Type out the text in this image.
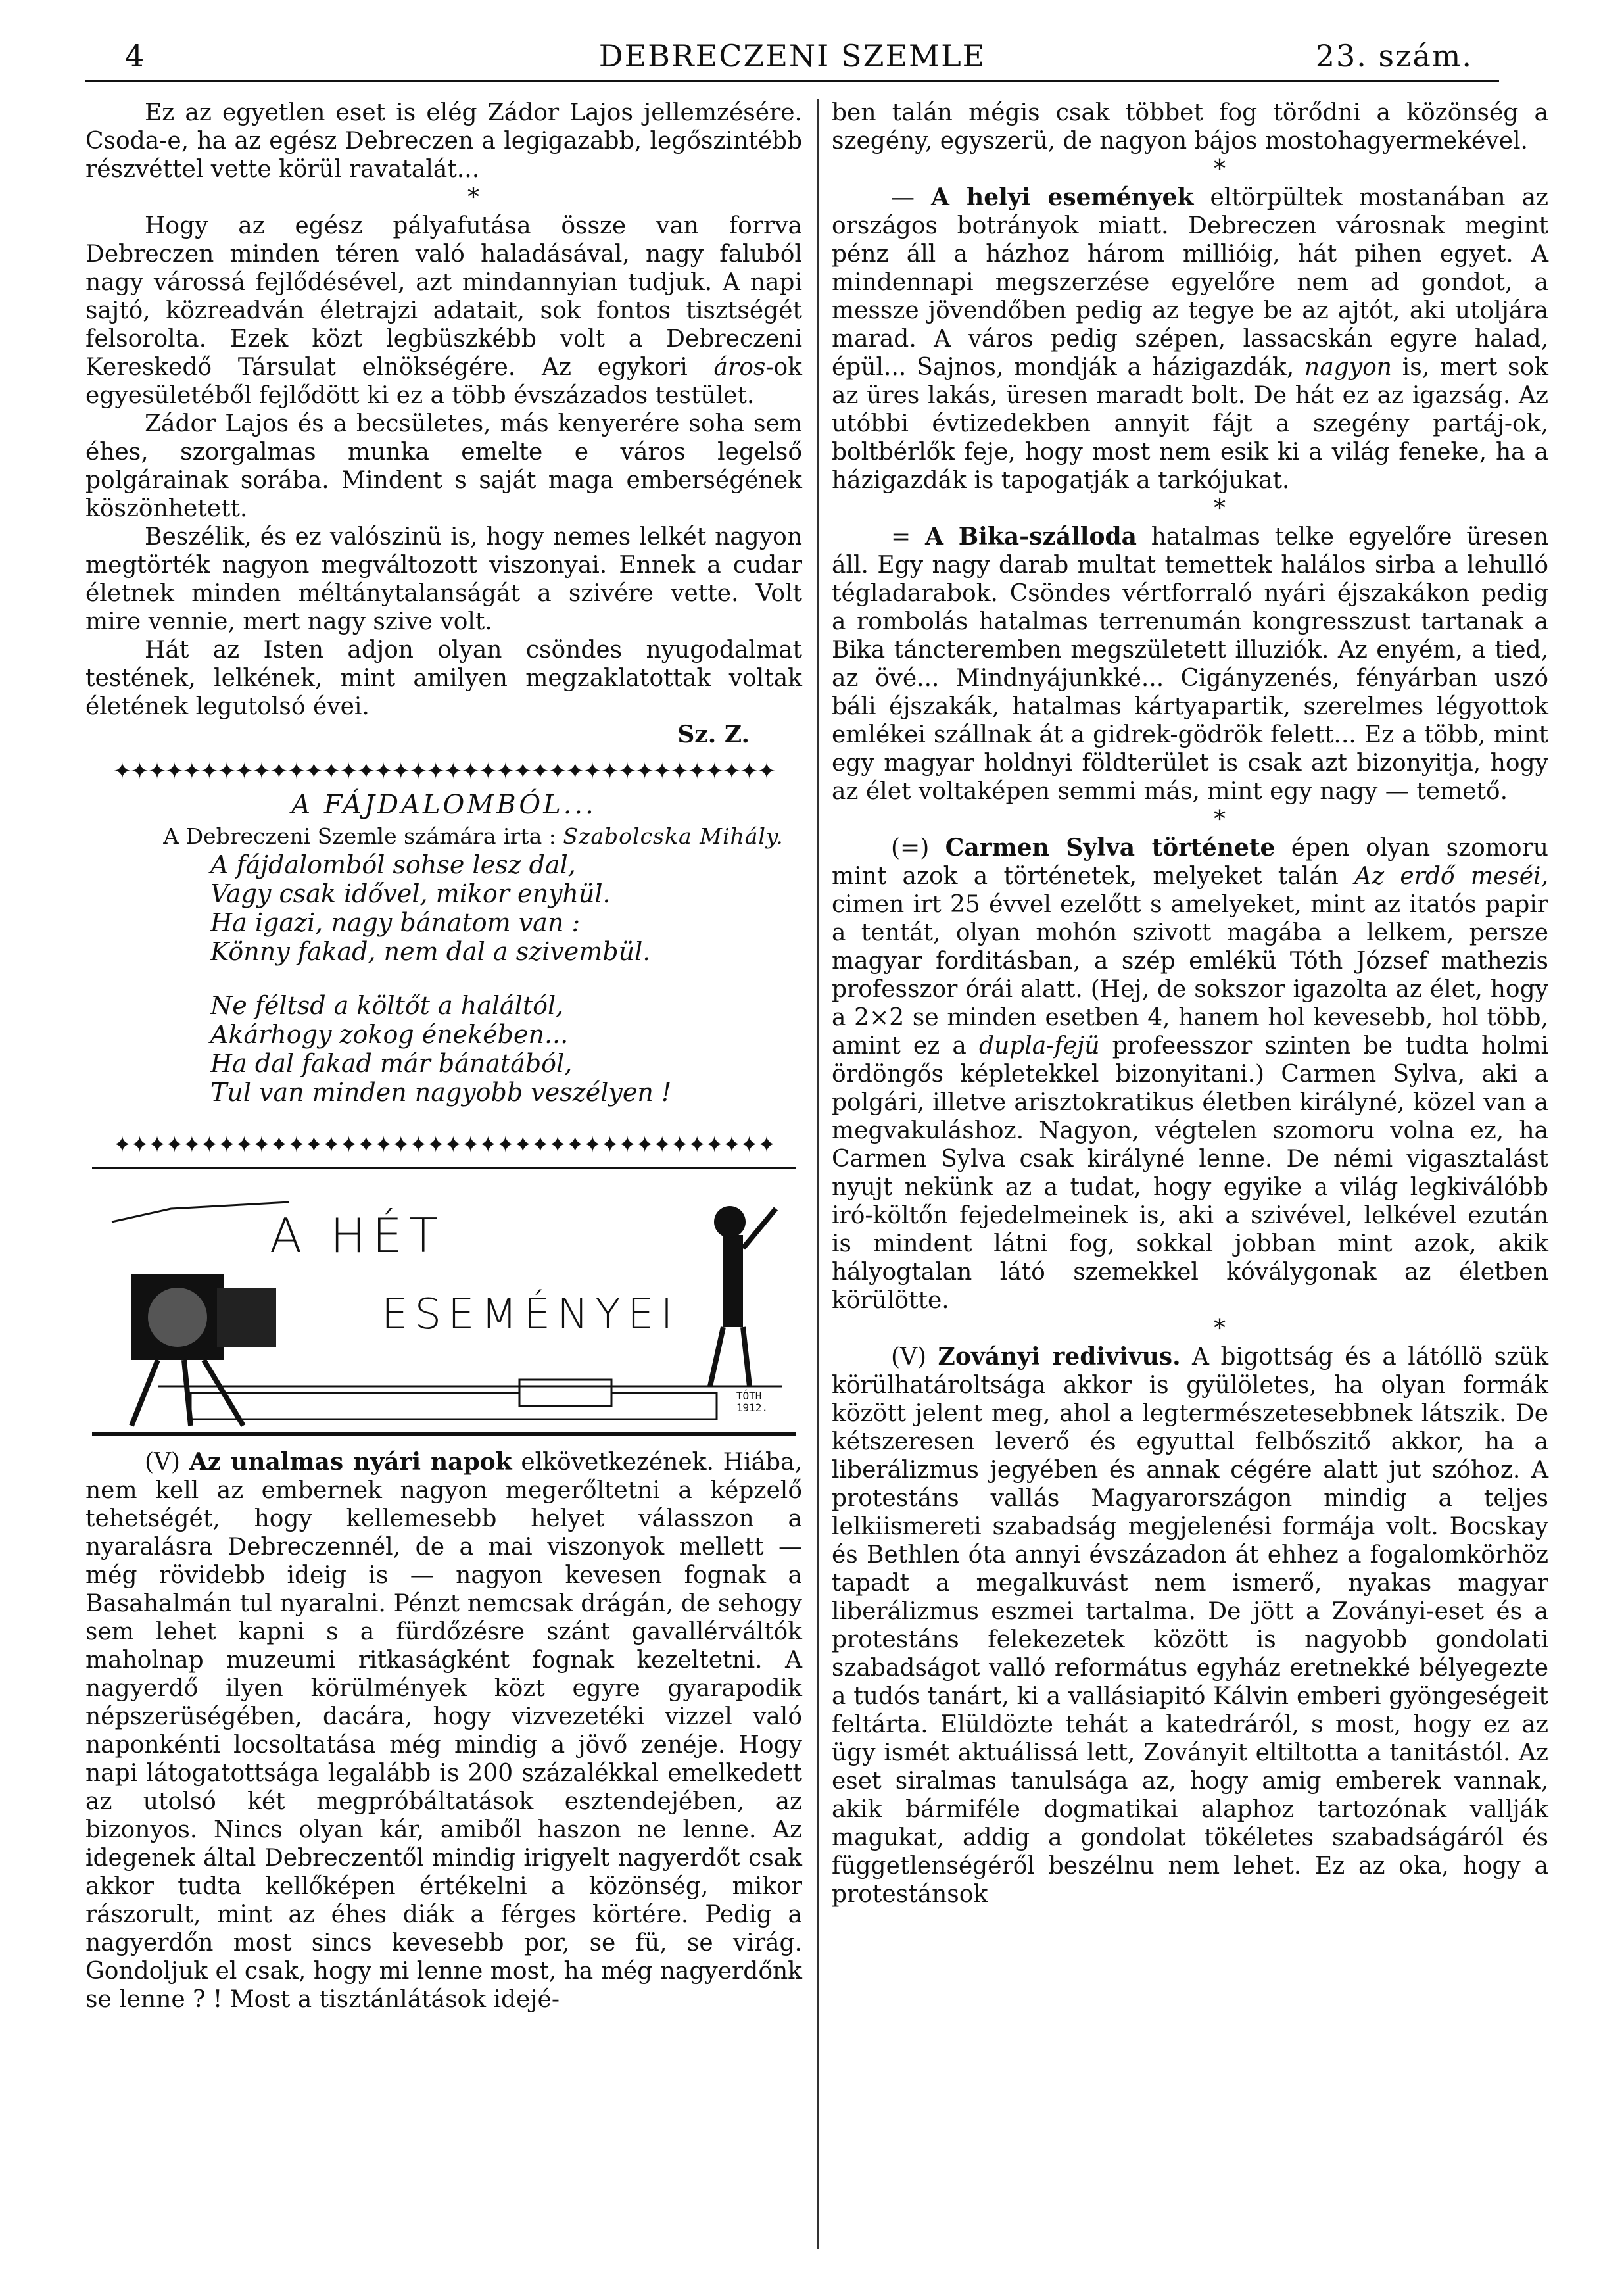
4	DEBRECZENI SZEMLE	23. szám.

Ez az egyetlen eset is elég Zádor Lajos jellemzésére. Csoda-e, ha az egész Debreczen a legigazabb, legőszintébb részvéttel vette körül ravatalát...

*

Hogy az egész pályafutása össze van forrva Debreczen minden téren való haladásával, nagy faluból nagy várossá fejlődésével, azt mindannyian tudjuk. A napi sajtó, közreadván életrajzi adatait, sok fontos tisztségét felsorolta. Ezek közt legbüszkébb volt a Debreczeni Kereskedő Társulat elnökségére. Az egykori áros-ok egyesületéből fejlődött ki ez a több évszázados testület.

Zádor Lajos és a becsületes, más kenyerére soha sem éhes, szorgalmas munka emelte e város legelső polgárainak sorába. Mindent s saját maga emberségének köszönhetett.

Beszélik, és ez valószinü is, hogy nemes lelkét nagyon megtörték nagyon megváltozott viszonyai. Ennek a cudar életnek minden méltánytalanságát a szivére vette. Volt mire vennie, mert nagy szive volt.

Hát az Isten adjon olyan csöndes nyugodalmat testének, lelkének, mint amilyen megzaklatottak voltak életének legutolsó évei.

Sz. Z.

✦✦✦✦✦✦✦✦✦✦✦✦✦✦✦✦✦✦✦✦✦✦✦✦✦✦✦✦✦✦✦✦✦✦✦✦✦✦
A FÁJDALOMBÓL...

A Debreczeni Szemle számára irta : Szabolcska Mihály.

A fájdalomból sohse lesz dal,
Vagy csak idővel, mikor enyhül.
Ha igazi, nagy bánatom van :
Könny fakad, nem dal a szivembül.
Ne féltsd a költőt a haláltól,
Akárhogy zokog énekében...
Ha dal fakad már bánatából,
Tul van minden nagyobb veszélyen !
✦✦✦✦✦✦✦✦✦✦✦✦✦✦✦✦✦✦✦✦✦✦✦✦✦✦✦✦✦✦✦✦✦✦✦✦✦✦
A HÉT
ESEMÉNYEI
TÓTH
1912.

(V) Az unalmas nyári napok elkövetkezének. Hiába, nem kell az embernek nagyon megerőltetni a képzelő tehetségét, hogy kellemesebb helyet válasszon a nyaralásra Debreczennél, de a mai viszonyok mellett — még rövidebb ideig is — nagyon kevesen fognak a Basahalmán tul nyaralni. Pénzt nemcsak drágán, de sehogy sem lehet kapni s a fürdőzésre szánt gavallérváltók maholnap muzeumi ritkaságként fognak kezeltetni. A nagyerdő ilyen körülmények közt egyre gyarapodik népszerüségében, dacára, hogy vizvezetéki vizzel való naponkénti locsoltatása még mindig a jövő zenéje. Hogy napi látogatottsága legalább is 200 százalékkal emelkedett az utolsó két megpróbáltatások esztendejében, az bizonyos. Nincs olyan kár, amiből haszon ne lenne. Az idegenek által Debreczentől mindig irigyelt nagyerdőt csak akkor tudta kellőképen értékelni a közönség, mikor rászorult, mint az éhes diák a férges körtére. Pedig a nagyerdőn most sincs kevesebb por, se fü, se virág. Gondoljuk el csak, hogy mi lenne most, ha még nagyerdőnk se lenne ? ! Most a tisztánlátások idejé-

ben talán mégis csak többet fog törődni a közönség a szegény, egyszerü, de nagyon bájos mostohagyermekével.

*

— A helyi események eltörpültek mostanában az országos botrányok miatt. Debreczen városnak megint pénz áll a házhoz három millióig, hát pihen egyet. A mindennapi megszerzése egyelőre nem ad gondot, a messze jövendőben pedig az tegye be az ajtót, aki utoljára marad. A város pedig szépen, lassacskán egyre halad, épül... Sajnos, mondják a házigazdák, nagyon is, mert sok az üres lakás, üresen maradt bolt. De hát ez az igazság. Az utóbbi évtizedekben annyit fájt a szegény partáj-ok, boltbérlők feje, hogy most nem esik ki a világ feneke, ha a házigazdák is tapogatják a tarkójukat.

*

= A Bika-szálloda hatalmas telke egyelőre üresen áll. Egy nagy darab multat temettek halálos sirba a lehulló tégladarabok. Csöndes vértforraló nyári éjszakákon pedig a rombolás hatalmas terrenumán kongresszust tartanak a Bika táncteremben megszületett illuziók. Az enyém, a tied, az övé... Mindnyájunkké... Cigányzenés, fényárban uszó báli éjszakák, hatalmas kártyapartik, szerelmes légyottok emlékei szállnak át a gidrek-gödrök felett... Ez a több, mint egy magyar holdnyi földterület is csak azt bizonyitja, hogy az élet voltaképen semmi más, mint egy nagy — temető.

*

(=) Carmen Sylva története épen olyan szomoru mint azok a történetek, melyeket talán Az erdő meséi, cimen irt 25 évvel ezelőtt s amelyeket, mint az itatós papir a tentát, olyan mohón szivott magába a lelkem, persze magyar forditásban, a szép emlékü Tóth József mathezis professzor órái alatt. (Hej, de sokszor igazolta az élet, hogy a 2×2 se minden esetben 4, hanem hol kevesebb, hol több, amint ez a dupla-fejü profeesszor szinten be tudta holmi ördöngős képletekkel bizonyitani.) Carmen Sylva, aki a polgári, illetve arisztokratikus életben királyné, közel van a megvakuláshoz. Nagyon, végtelen szomoru volna ez, ha Carmen Sylva csak királyné lenne. De némi vigasztalást nyujt nekünk az a tudat, hogy egyike a világ legkiválóbb iró-költőn fejedelmeinek is, aki a szivével, lelkével ezután is mindent látni fog, sokkal jobban mint azok, akik hályogtalan látó szemekkel kóválygonak az életben körülötte.

*

(V) Zoványi redivivus. A bigottság és a látóllö szük körülhatároltsága akkor is gyülöletes, ha olyan formák között jelent meg, ahol a legtermészetesebbnek látszik. De kétszeresen leverő és egyuttal felbőszitő akkor, ha a liberálizmus jegyében és annak cégére alatt jut szóhoz. A protestáns vallás Magyarországon mindig a teljes lelkiismereti szabadság megjelenési formája volt. Bocskay és Bethlen óta annyi évszázadon át ehhez a fogalomkörhöz tapadt a megalkuvást nem ismerő, nyakas magyar liberálizmus eszmei tartalma. De jött a Zoványi-eset és a protestáns felekezetek között is nagyobb gondolati szabadságot valló református egyház eretnekké bélyegezte a tudós tanárt, ki a vallásiapitó Kálvin emberi gyöngeségeit feltárta. Elüldözte tehát a katedráról, s most, hogy ez az ügy ismét aktuálissá lett, Zoványit eltiltotta a tanitástól. Az eset siralmas tanulsága az, hogy amig emberek vannak, akik bármiféle dogmatikai alaphoz tartozónak vallják magukat, addig a gondolat tökéletes szabadságáról és függetlenségéről beszélnu nem lehet. Ez az oka, hogy a protestánsok
